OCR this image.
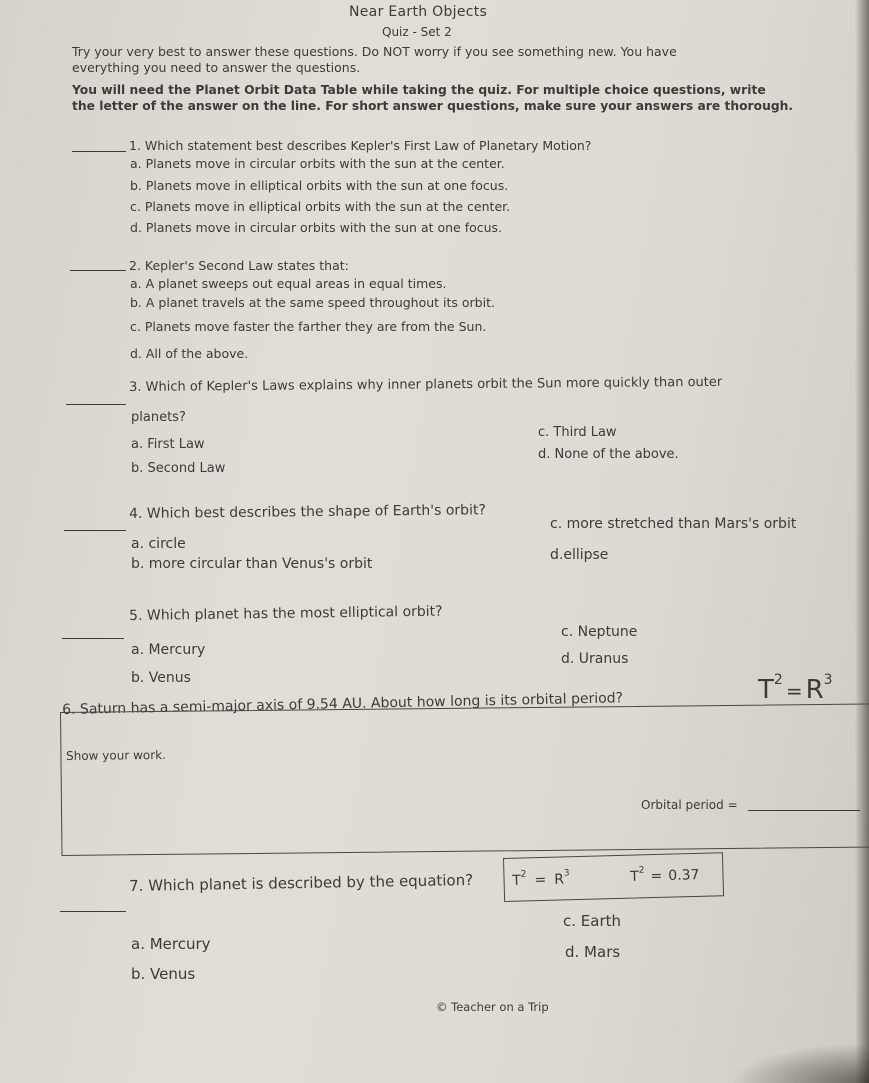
Near Earth Objects
Quiz - Set 2
Try your very best to answer these questions. Do NOT worry if you see something new. You have
everything you need to answer the questions.
You will need the Planet Orbit Data Table while taking the quiz. For multiple choice questions, write
the letter of the answer on the line. For short answer questions, make sure your answers are thorough.
1. Which statement best describes Kepler's First Law of Planetary Motion?
a. Planets move in circular orbits with the sun at the center.
b. Planets move in elliptical orbits with the sun at one focus.
c. Planets move in elliptical orbits with the sun at the center.
d. Planets move in circular orbits with the sun at one focus.
2. Kepler's Second Law states that:
a. A planet sweeps out equal areas in equal times.
b. A planet travels at the same speed throughout its orbit.
c. Planets move faster the farther they are from the Sun.
d. All of the above.
3. Which of Kepler's Laws explains why inner planets orbit the Sun more quickly than outer
planets?
a. First Law
b. Second Law
c. Third Law
d. None of the above.
4. Which best describes the shape of Earth's orbit?
a. circle
b. more circular than Venus's orbit
c. more stretched than Mars's orbit
d.ellipse
5. Which planet has the most elliptical orbit?
a. Mercury
b. Venus
c. Neptune
d. Uranus
$T^2 = R^3$
6. Saturn has a semi-major axis of 9.54 AU. About how long is its orbital period?
Show your work.
Orbital period =
7. Which planet is described by the equation?	$T^2 = R^3$	$T^2 = 0.37$
a. Mercury
b. Venus
c. Earth
d. Mars
© Teacher on a Trip
